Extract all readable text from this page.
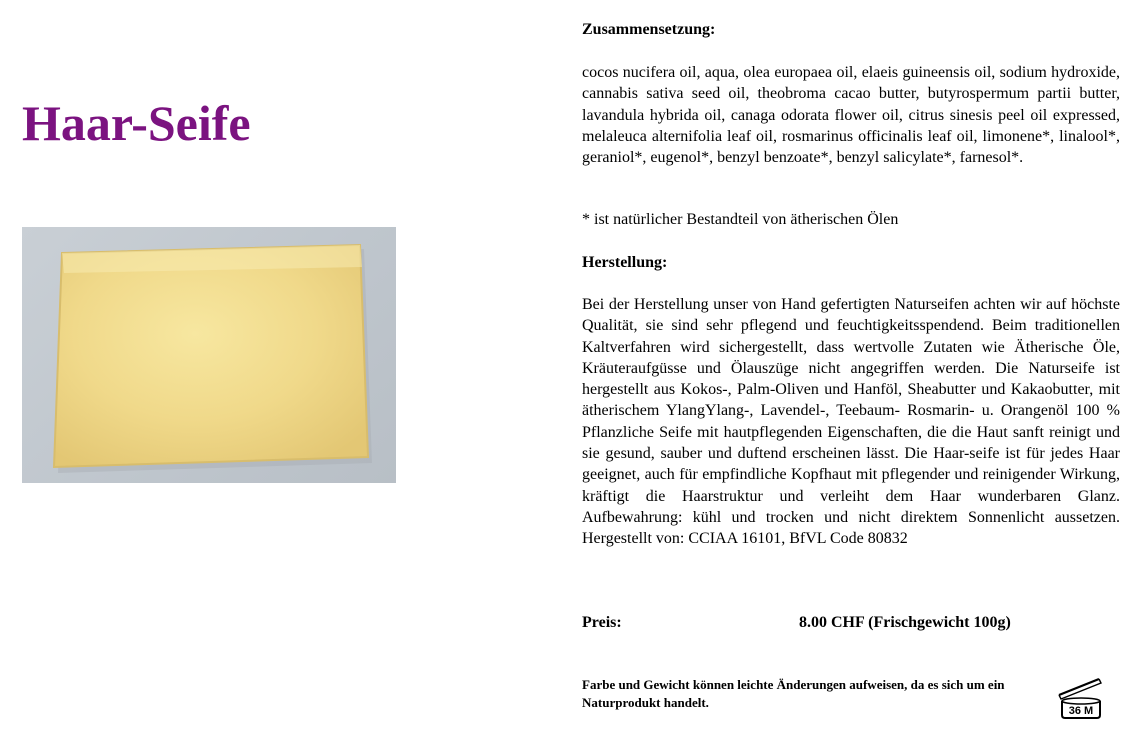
Haar-Seife
Zusammensetzung:
cocos nucifera oil, aqua, olea europaea oil, elaeis guineensis oil, sodium hydroxide, cannabis sativa seed oil, theobroma cacao butter, butyrospermum partii butter, lavandula hybrida oil, canaga odorata flower oil, citrus sinesis peel oil expressed, melaleuca alternifolia leaf oil, rosmarinus officinalis leaf oil, limonene*, linalool*, geraniol*, eugenol*, benzyl benzoate*, benzyl salicylate*, farnesol*.
* ist natürlicher Bestandteil von ätherischen Ölen
Herstellung:
Bei der Herstellung unser von Hand gefertigten Naturseifen achten wir auf höchste Qualität, sie sind sehr pflegend und feuchtigkeitsspendend. Beim traditionellen Kaltverfahren wird sichergestellt, dass wertvolle Zutaten wie Ätherische Öle, Kräuteraufgüsse und Ölauszüge nicht angegriffen werden. Die Naturseife ist hergestellt aus Kokos-, Palm-Oliven und Hanföl, Sheabutter und Kakaobutter, mit ätherischem YlangYlang-, Lavendel-, Teebaum- Rosmarin- u. Orangenöl 100 % Pflanzliche Seife mit hautpflegenden Eigenschaften, die die Haut sanft reinigt und sie gesund, sauber und duftend erscheinen lässt. Die Haar-seife ist für jedes Haar geeignet, auch für empfindliche Kopfhaut mit pflegender und reinigender Wirkung, kräftigt die Haarstruktur und verleiht dem Haar wunderbaren Glanz. Aufbewahrung: kühl und trocken und nicht direktem Sonnenlicht aussetzen. Hergestellt von: CCIAA 16101, BfVL Code 80832
Preis:	8.00 CHF (Frischgewicht 100g)
Farbe und Gewicht können leichte Änderungen aufweisen, da es sich um ein Naturprodukt handelt.
36 M
